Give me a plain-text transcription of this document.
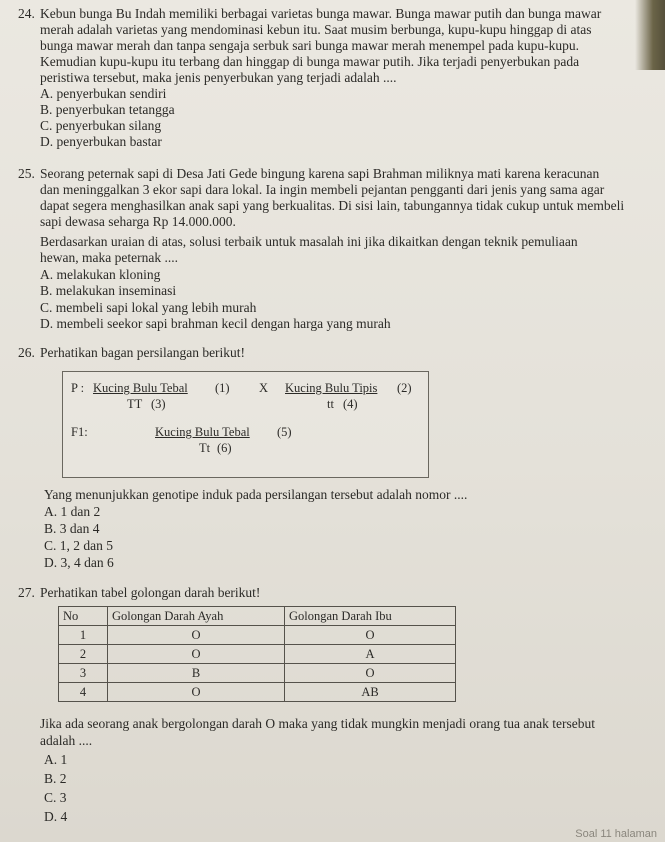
24. Kebun bunga Bu Indah memiliki berbagai varietas bunga mawar. Bunga mawar putih dan bunga mawar
merah adalah varietas yang mendominasi kebun itu. Saat musim berbunga, kupu-kupu hinggap di atas
bunga mawar merah dan tanpa sengaja serbuk sari bunga mawar merah menempel pada kupu-kupu.
Kemudian kupu-kupu itu terbang dan hinggap di bunga mawar putih. Jika terjadi penyerbukan pada
peristiwa tersebut, maka jenis penyerbukan yang terjadi adalah ....
A. penyerbukan sendiri
B. penyerbukan tetangga
C. penyerbukan silang
D. penyerbukan bastar
25. Seorang peternak sapi di Desa Jati Gede bingung karena sapi Brahman miliknya mati karena keracunan
dan meninggalkan 3 ekor sapi dara lokal. Ia ingin membeli pejantan pengganti dari jenis yang sama agar
dapat segera menghasilkan anak sapi yang berkualitas. Di sisi lain, tabungannya tidak cukup untuk membeli
sapi dewasa seharga Rp 14.000.000.
Berdasarkan uraian di atas, solusi terbaik untuk masalah ini jika dikaitkan dengan teknik pemuliaan
hewan, maka peternak ....
A. melakukan kloning
B. melakukan inseminasi
C. membeli sapi lokal yang lebih murah
D. membeli seekor sapi brahman kecil dengan harga yang murah
26. Perhatikan bagan persilangan berikut!
P : Kucing Bulu Tebal (1)
TT (3)
X Kucing Bulu Tipis (2)
tt (4)
F1:	Kucing Bulu Tebal (5)
Tt (6)
Yang menunjukkan genotipe induk pada persilangan tersebut adalah nomor ....
A. 1 dan 2
B. 3 dan 4
C. 1, 2 dan 5
D. 3, 4 dan 6
27. Perhatikan tabel golongan darah berikut!
No	Golongan Darah Ayah	Golongan Darah Ibu
1	O	O
2	O	A
3	B	O
4	O	AB
Jika ada seorang anak bergolongan darah O maka yang tidak mungkin menjadi orang tua anak tersebut
adalah ....
A. 1
B. 2
C. 3
D. 4
Soal 11 halaman
